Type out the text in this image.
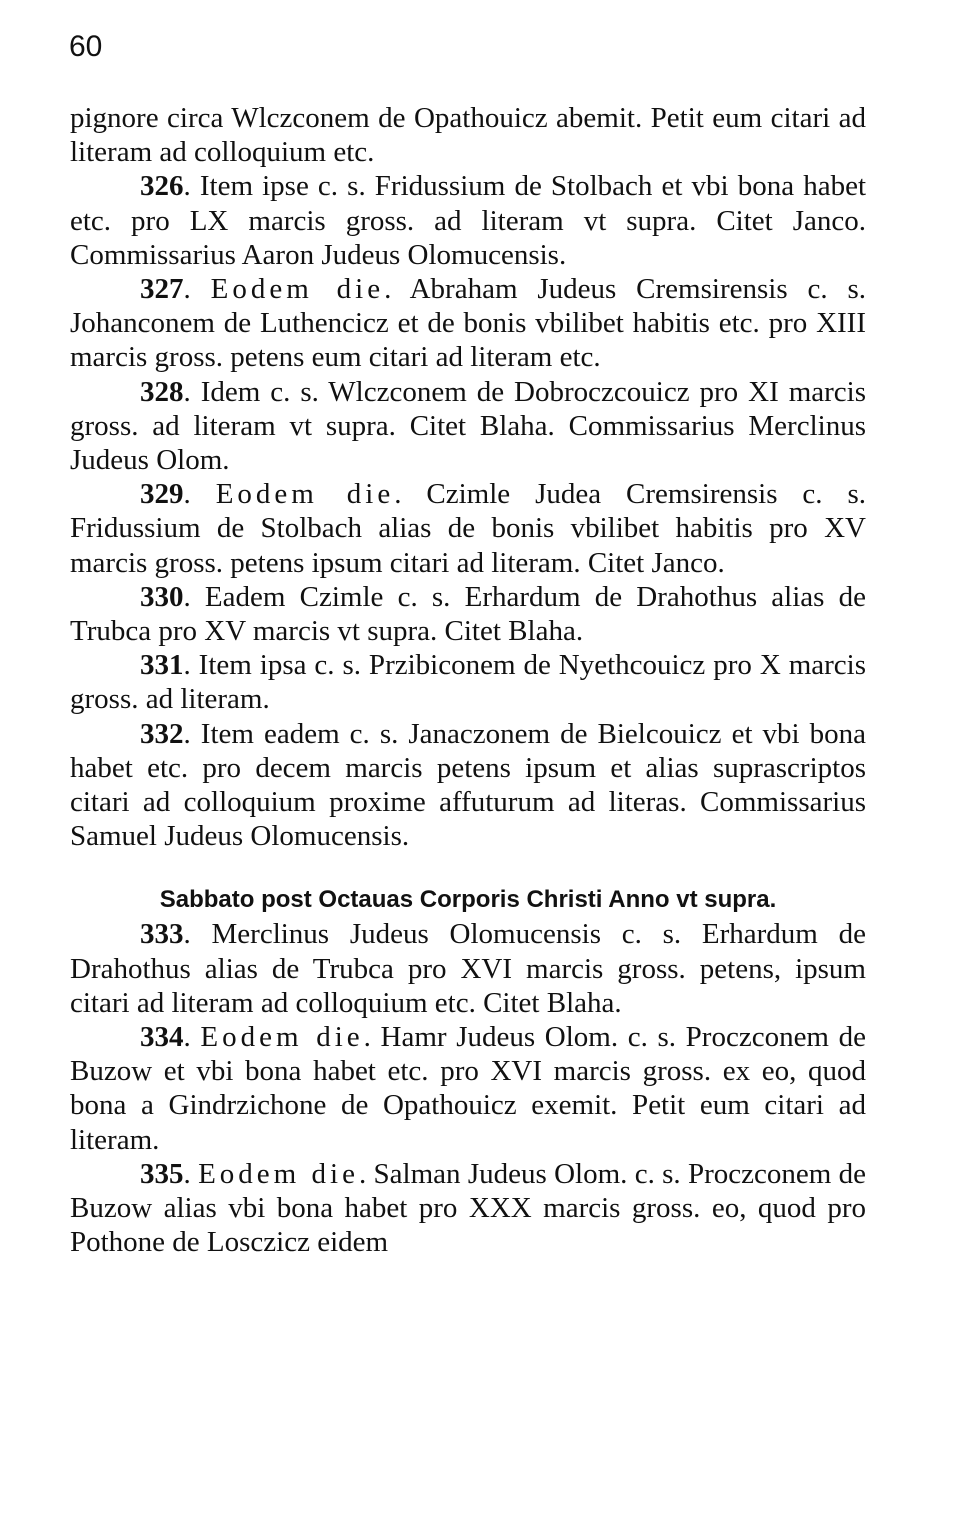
60

pignore circa Wlczconem de Opathouicz abemit. Petit eum citari ad literam ad colloquium etc.

326. Item ipse c. s. Fridussium de Stolbach et vbi bona habet etc. pro LX marcis gross. ad literam vt supra. Citet Janco. Commissarius Aaron Judeus Olomucensis.

327. Eodem die. Abraham Judeus Cremsirensis c. s. Johanconem de Luthencicz et de bonis vbilibet habitis etc. pro XIII marcis gross. petens eum citari ad literam etc.

328. Idem c. s. Wlczconem de Dobroczcouicz pro XI marcis gross. ad literam vt supra. Citet Blaha. Commissarius Merclinus Judeus Olom.

329. Eodem die. Czimle Judea Cremsirensis c. s. Fridussium de Stolbach alias de bonis vbilibet habitis pro XV marcis gross. petens ipsum citari ad literam. Citet Janco.

330. Eadem Czimle c. s. Erhardum de Drahothus alias de Trubca pro XV marcis vt supra. Citet Blaha.

331. Item ipsa c. s. Przibiconem de Nyethcouicz pro X marcis gross. ad literam.

332. Item eadem c. s. Janaczonem de Bielcouicz et vbi bona habet etc. pro decem marcis petens ipsum et alias suprascriptos citari ad colloquium proxime affuturum ad literas. Commissarius Samuel Judeus Olomucensis.

Sabbato post Octauas Corporis Christi Anno vt supra.

333. Merclinus Judeus Olomucensis c. s. Erhardum de Drahothus alias de Trubca pro XVI marcis gross. petens, ipsum citari ad literam ad colloquium etc. Citet Blaha.

334. Eodem die. Hamr Judeus Olom. c. s. Proczconem de Buzow et vbi bona habet etc. pro XVI marcis gross. ex eo, quod bona a Gindrzichone de Opathouicz exemit. Petit eum citari ad literam.

335. Eodem die. Salman Judeus Olom. c. s. Proczconem de Buzow alias vbi bona habet pro XXX marcis gross. eo, quod pro Pothone de Losczicz eidem
